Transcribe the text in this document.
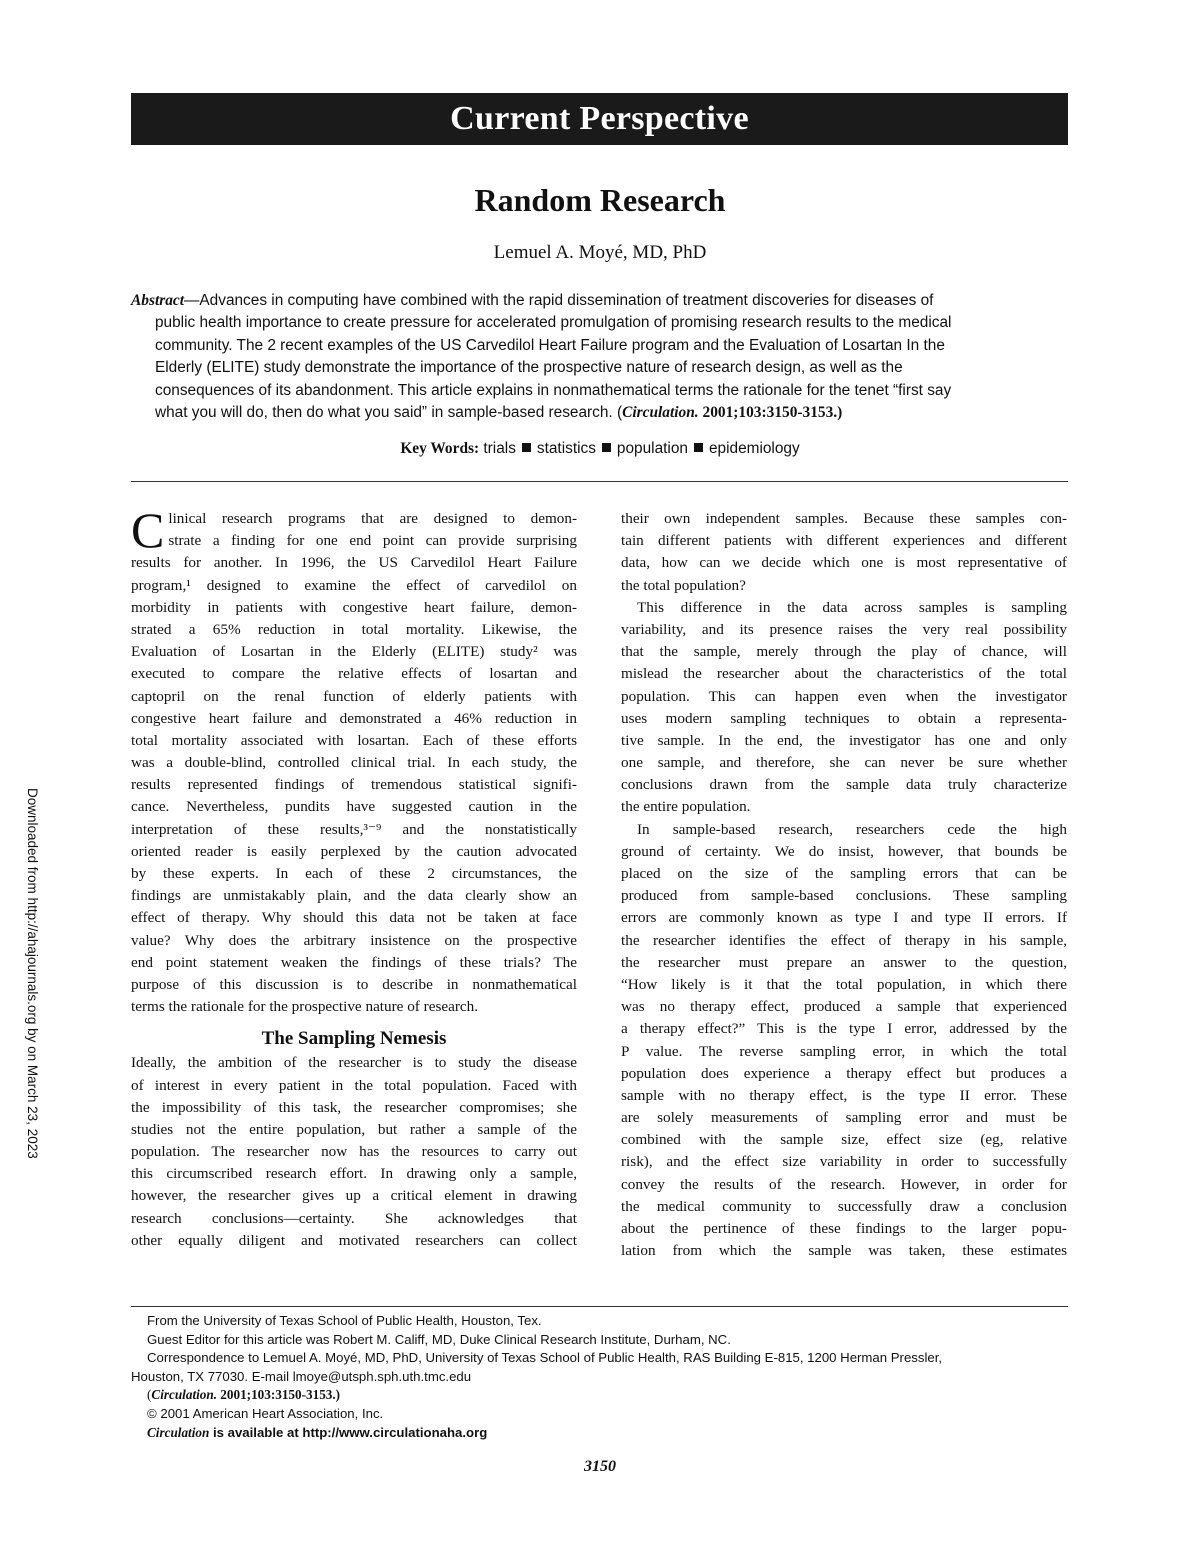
Current Perspective
Random Research
Lemuel A. Moyé, MD, PhD
Abstract—Advances in computing have combined with the rapid dissemination of treatment discoveries for diseases of
public health importance to create pressure for accelerated promulgation of promising research results to the medical
community. The 2 recent examples of the US Carvedilol Heart Failure program and the Evaluation of Losartan In the
Elderly (ELITE) study demonstrate the importance of the prospective nature of research design, as well as the
consequences of its abandonment. This article explains in nonmathematical terms the rationale for the tenet “first say
what you will do, then do what you said” in sample-based research. (Circulation. 2001;103:3150-3153.)
Key Words: trials statistics population epidemiology
C linical research programs that are designed to demon-
strate a finding for one end point can provide surprising
results for another. In 1996, the US Carvedilol Heart Failure
program,¹ designed to examine the effect of carvedilol on
morbidity in patients with congestive heart failure, demon-
strated a 65% reduction in total mortality. Likewise, the
Evaluation of Losartan in the Elderly (ELITE) study² was
executed to compare the relative effects of losartan and
captopril on the renal function of elderly patients with
congestive heart failure and demonstrated a 46% reduction in
total mortality associated with losartan. Each of these efforts
was a double-blind, controlled clinical trial. In each study, the
results represented findings of tremendous statistical signifi-
cance. Nevertheless, pundits have suggested caution in the
interpretation of these results,³⁻⁹ and the nonstatistically
oriented reader is easily perplexed by the caution advocated
by these experts. In each of these 2 circumstances, the
findings are unmistakably plain, and the data clearly show an
effect of therapy. Why should this data not be taken at face
value? Why does the arbitrary insistence on the prospective
end point statement weaken the findings of these trials? The
purpose of this discussion is to describe in nonmathematical
terms the rationale for the prospective nature of research.
The Sampling Nemesis
Ideally, the ambition of the researcher is to study the disease
of interest in every patient in the total population. Faced with
the impossibility of this task, the researcher compromises; she
studies not the entire population, but rather a sample of the
population. The researcher now has the resources to carry out
this circumscribed research effort. In drawing only a sample,
however, the researcher gives up a critical element in drawing
research conclusions—certainty. She acknowledges that
other equally diligent and motivated researchers can collect
their own independent samples. Because these samples con-
tain different patients with different experiences and different
data, how can we decide which one is most representative of
the total population?
This difference in the data across samples is sampling
variability, and its presence raises the very real possibility
that the sample, merely through the play of chance, will
mislead the researcher about the characteristics of the total
population. This can happen even when the investigator
uses modern sampling techniques to obtain a representa-
tive sample. In the end, the investigator has one and only
one sample, and therefore, she can never be sure whether
conclusions drawn from the sample data truly characterize
the entire population.
In sample-based research, researchers cede the high
ground of certainty. We do insist, however, that bounds be
placed on the size of the sampling errors that can be
produced from sample-based conclusions. These sampling
errors are commonly known as type I and type II errors. If
the researcher identifies the effect of therapy in his sample,
the researcher must prepare an answer to the question,
“How likely is it that the total population, in which there
was no therapy effect, produced a sample that experienced
a therapy effect?” This is the type I error, addressed by the
P value. The reverse sampling error, in which the total
population does experience a therapy effect but produces a
sample with no therapy effect, is the type II error. These
are solely measurements of sampling error and must be
combined with the sample size, effect size (eg, relative
risk), and the effect size variability in order to successfully
convey the results of the research. However, in order for
the medical community to successfully draw a conclusion
about the pertinence of these findings to the larger popu-
lation from which the sample was taken, these estimates
Downloaded from http://ahajournals.org by on March 23, 2023
From the University of Texas School of Public Health, Houston, Tex.
Guest Editor for this article was Robert M. Califf, MD, Duke Clinical Research Institute, Durham, NC.
Correspondence to Lemuel A. Moyé, MD, PhD, University of Texas School of Public Health, RAS Building E-815, 1200 Herman Pressler,
Houston, TX 77030. E-mail lmoye@utsph.sph.uth.tmc.edu
(Circulation. 2001;103:3150-3153.)
© 2001 American Heart Association, Inc.
Circulation is available at http://www.circulationaha.org
3150
